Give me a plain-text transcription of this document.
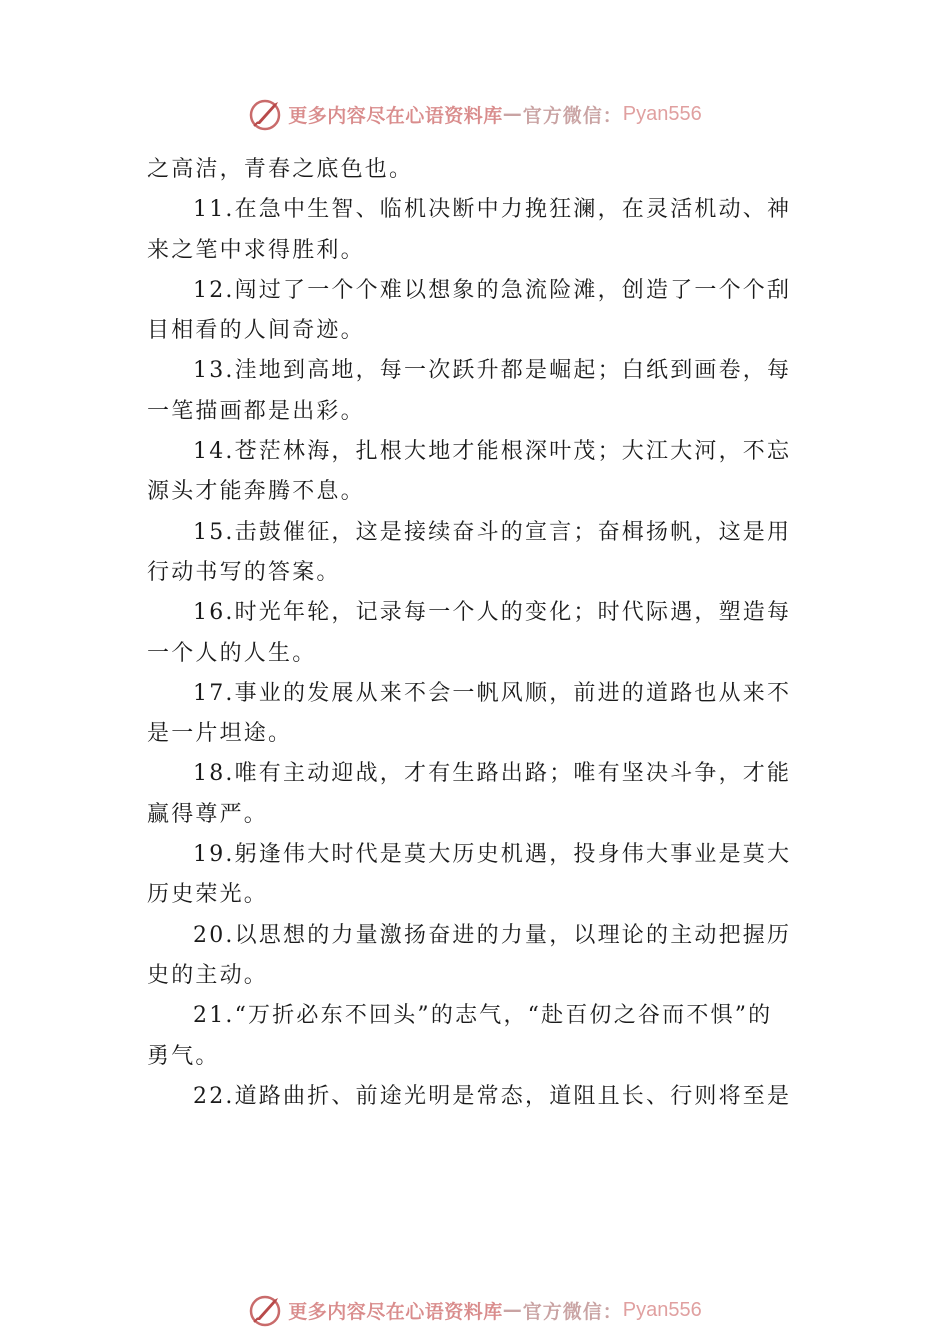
更多内容尽在心语资料库 — 官方微信： Pyan556
之高洁，青春之底色也。
11.在急中生智、临机决断中力挽狂澜，在灵活机动、神
来之笔中求得胜利。
12.闯过了一个个难以想象的急流险滩，创造了一个个刮
目相看的人间奇迹。
13.洼地到高地，每一次跃升都是崛起；白纸到画卷，每
一笔描画都是出彩。
14.苍茫林海，扎根大地才能根深叶茂；大江大河，不忘
源头才能奔腾不息。
15.击鼓催征，这是接续奋斗的宣言；奋楫扬帆，这是用
行动书写的答案。
16.时光年轮，记录每一个人的变化；时代际遇，塑造每
一个人的人生。
17.事业的发展从来不会一帆风顺，前进的道路也从来不
是一片坦途。
18.唯有主动迎战，才有生路出路；唯有坚决斗争，才能
赢得尊严。
19.躬逢伟大时代是莫大历史机遇，投身伟大事业是莫大
历史荣光。
20.以思想的力量激扬奋进的力量，以理论的主动把握历
史的主动。
21.“万折必东不回头”的志气，“赴百仞之谷而不惧”的
勇气。
22.道路曲折、前途光明是常态，道阻且长、行则将至是
更多内容尽在心语资料库 — 官方微信： Pyan556
